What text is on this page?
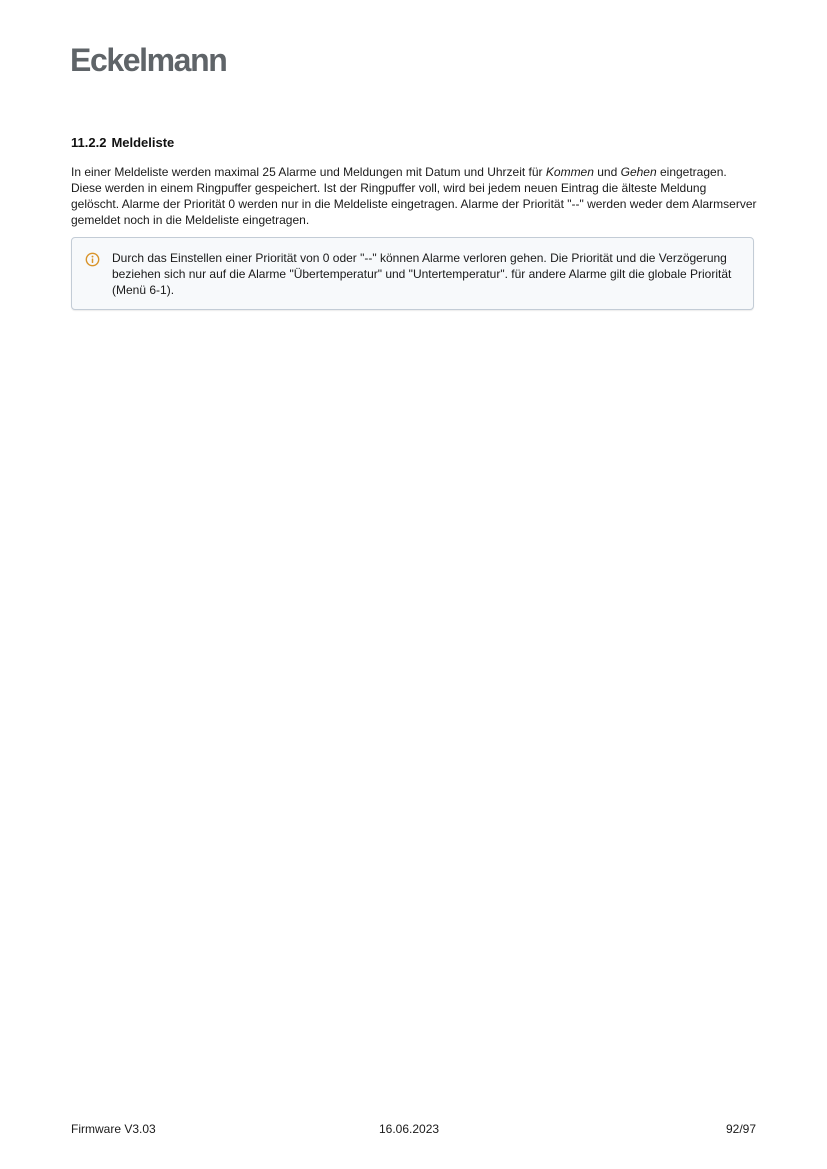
Eckelmann
11.2.2 Meldeliste

In einer Meldeliste werden maximal 25 Alarme und Meldungen mit Datum und Uhrzeit für Kommen und Gehen eingetragen. Diese werden in einem Ringpuffer gespeichert. Ist der Ringpuffer voll, wird bei jedem neuen Eintrag die älteste Meldung gelöscht. Alarme der Priorität 0 werden nur in die Meldeliste eingetragen. Alarme der Priorität "--" werden weder dem Alarmserver gemeldet noch in die Meldeliste eingetragen.

Durch das Einstellen einer Priorität von 0 oder "--" können Alarme verloren gehen. Die Priorität und die Verzögerung beziehen sich nur auf die Alarme "Übertemperatur" und "Untertemperatur". für andere Alarme gilt die globale Priorität (Menü 6-1).

Firmware V3.03	16.06.2023	92/97
